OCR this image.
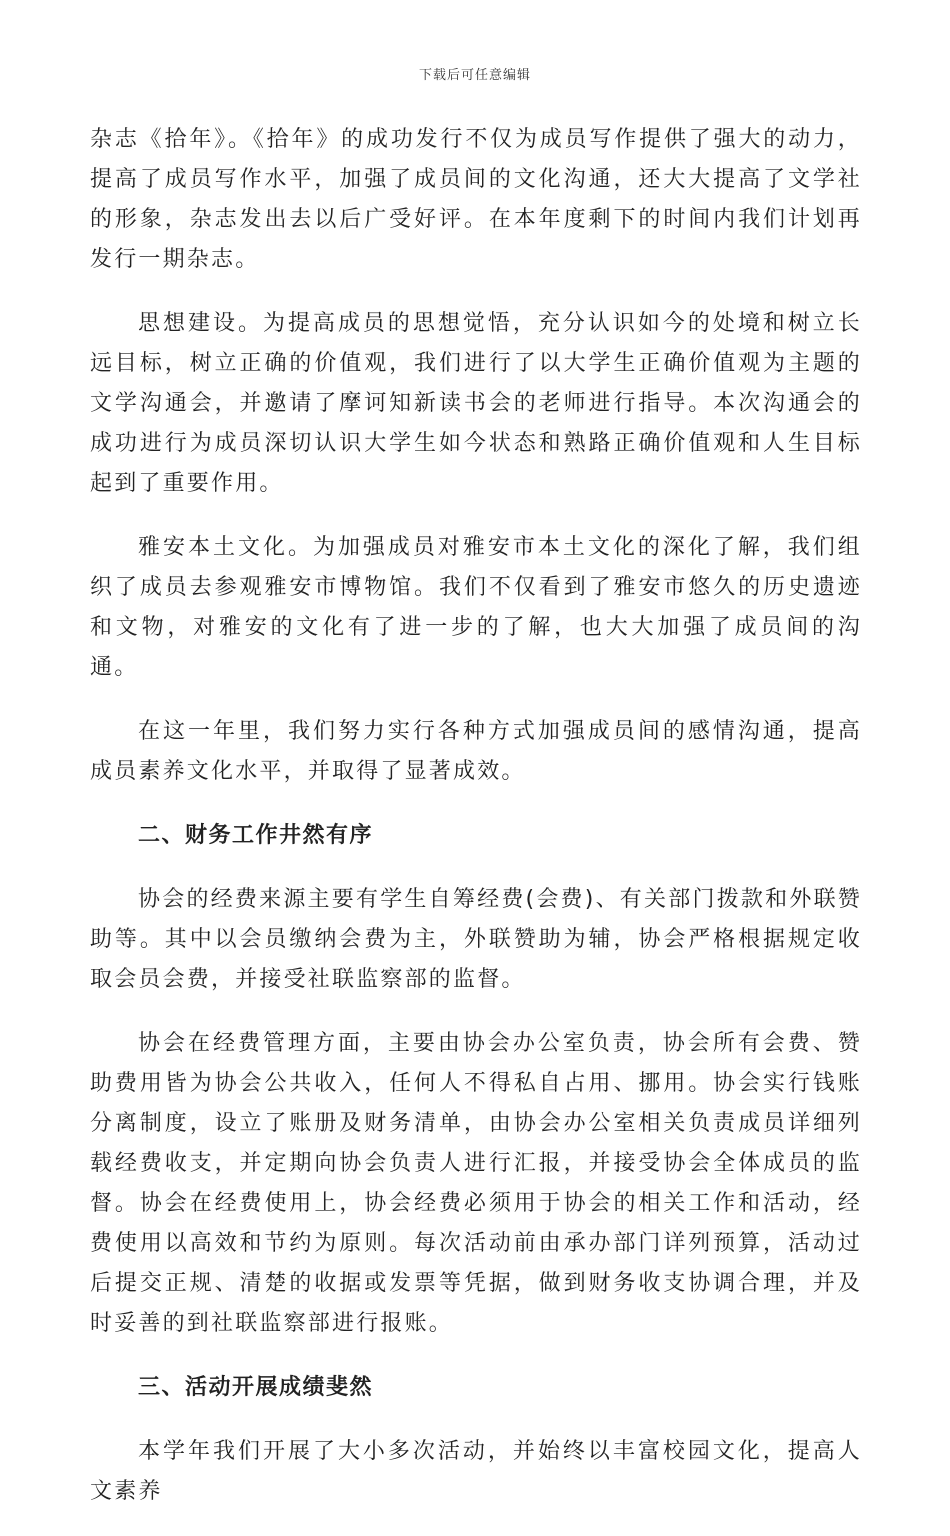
下载后可任意编辑

杂志《拾年》。《拾年》的成功发行不仅为成员写作提供了强大的动力，提高了成员写作水平，加强了成员间的文化沟通，还大大提高了文学社的形象，杂志发出去以后广受好评。在本年度剩下的时间内我们计划再发行一期杂志。

思想建设。为提高成员的思想觉悟，充分认识如今的处境和树立长远目标，树立正确的价值观，我们进行了以大学生正确价值观为主题的文学沟通会，并邀请了摩诃知新读书会的老师进行指导。本次沟通会的成功进行为成员深切认识大学生如今状态和熟路正确价值观和人生目标起到了重要作用。

雅安本土文化。为加强成员对雅安市本土文化的深化了解，我们组织了成员去参观雅安市博物馆。我们不仅看到了雅安市悠久的历史遗迹和文物，对雅安的文化有了进一步的了解，也大大加强了成员间的沟通。

在这一年里，我们努力实行各种方式加强成员间的感情沟通，提高成员素养文化水平，并取得了显著成效。

二、财务工作井然有序

协会的经费来源主要有学生自筹经费(会费)、有关部门拨款和外联赞助等。其中以会员缴纳会费为主，外联赞助为辅，协会严格根据规定收取会员会费，并接受社联监察部的监督。

协会在经费管理方面，主要由协会办公室负责，协会所有会费、赞助费用皆为协会公共收入，任何人不得私自占用、挪用。协会实行钱账分离制度，设立了账册及财务清单，由协会办公室相关负责成员详细列载经费收支，并定期向协会负责人进行汇报，并接受协会全体成员的监督。协会在经费使用上，协会经费必须用于协会的相关工作和活动，经费使用以高效和节约为原则。每次活动前由承办部门详列预算，活动过后提交正规、清楚的收据或发票等凭据，做到财务收支协调合理，并及时妥善的到社联监察部进行报账。

三、活动开展成绩斐然

本学年我们开展了大小多次活动，并始终以丰富校园文化，提高人文素养
